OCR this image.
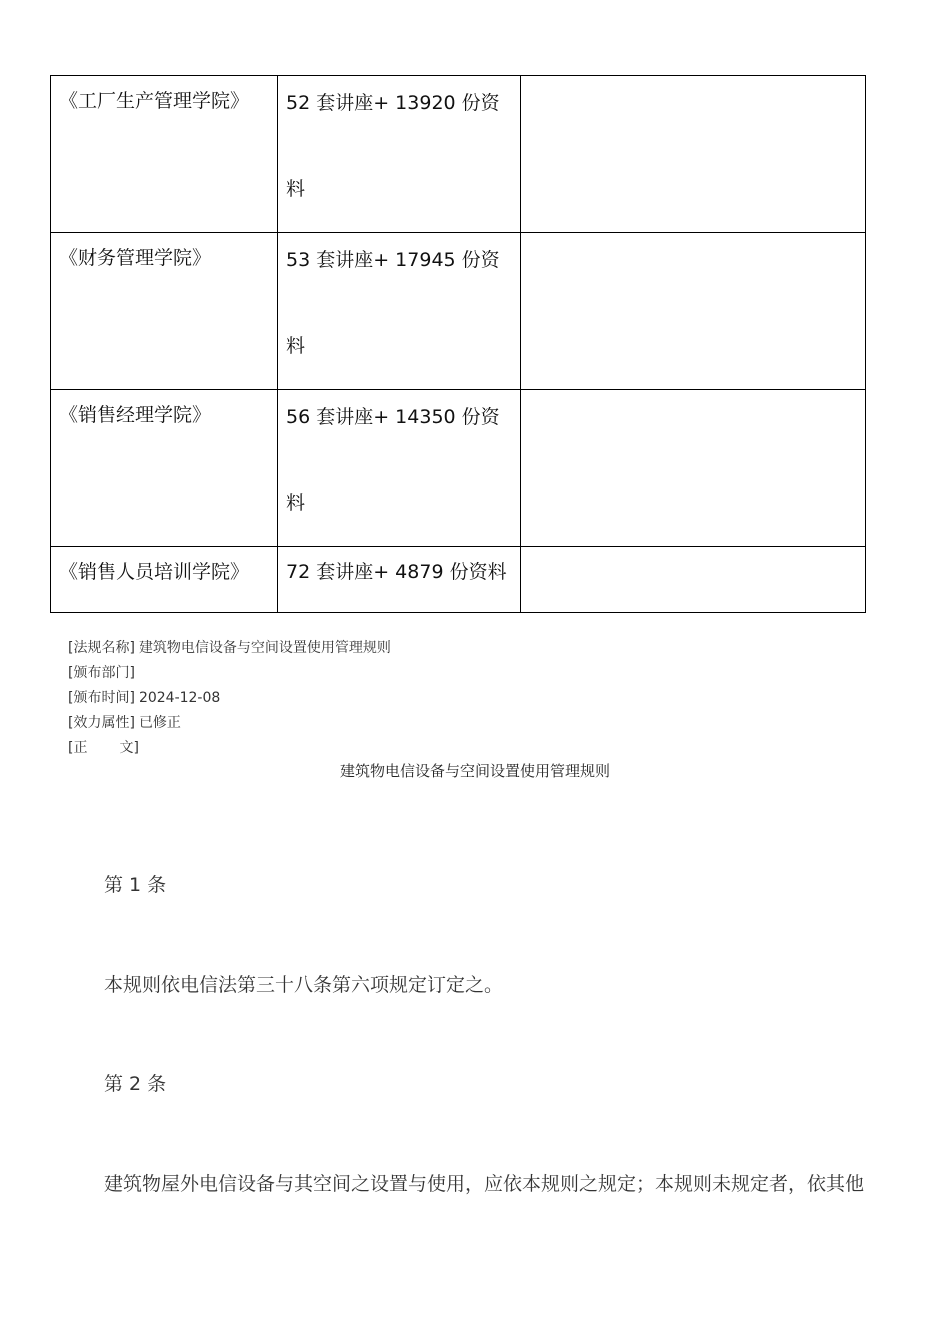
《工厂生产管理学院》	52 套讲座+ 13920 份资
料	

《财务管理学院》	53 套讲座+ 17945 份资
料	

《销售经理学院》	56 套讲座+ 14350 份资
料	

《销售人员培训学院》	72 套讲座+ 4879 份资料	

[法规名称] 建筑物电信设备与空间设置使用管理规则
[颁布部门]
[颁布时间] 2024-12-08
[效力属性] 已修正
[正 文]
建筑物电信设备与空间设置使用管理规则
第 1 条
本规则依电信法第三十八条第六项规定订定之。
第 2 条
建筑物屋外电信设备与其空间之设置与使用，应依本规则之规定；本规则未规定者，依其他
